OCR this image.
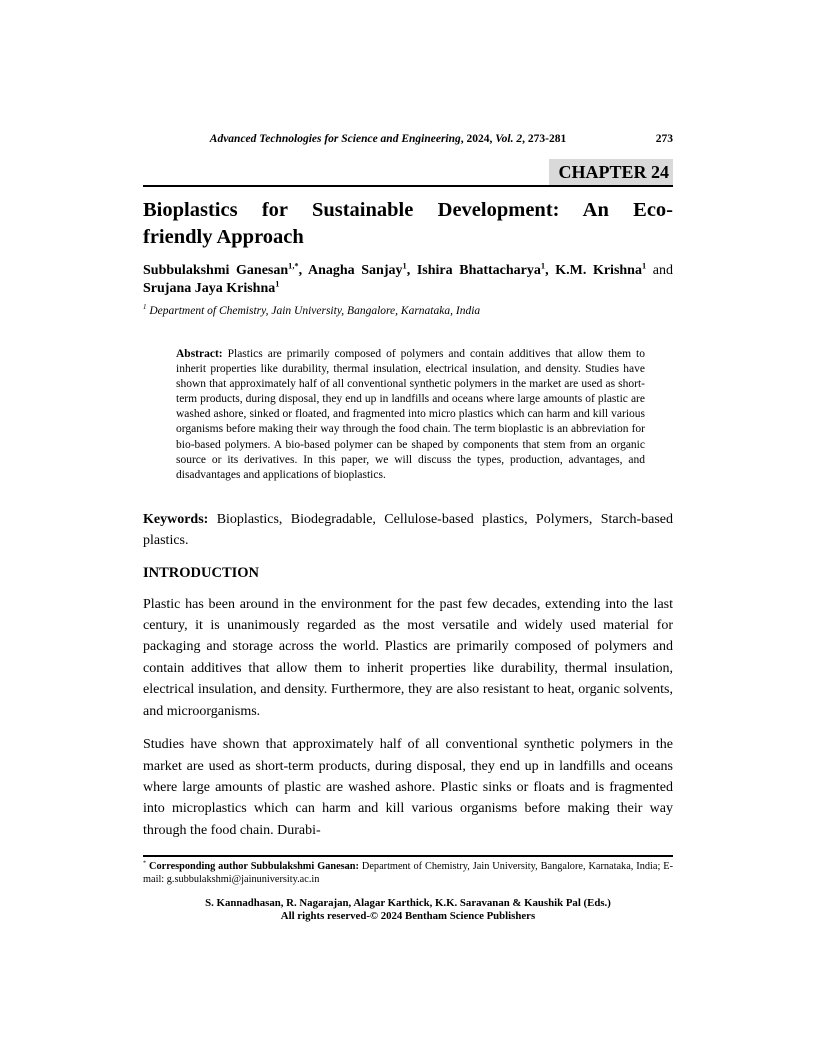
Advanced Technologies for Science and Engineering, 2024, Vol. 2, 273-281	273
CHAPTER 24
Bioplastics for Sustainable Development: An Eco-
friendly Approach
Subbulakshmi Ganesan$^{1,*}$, Anagha Sanjay$^1$, Ishira Bhattacharya$^1$, K.M. Krishna$^1$ and Srujana Jaya Krishna$^1$
$^1$ Department of Chemistry, Jain University, Bangalore, Karnataka, India
Abstract: Plastics are primarily composed of polymers and contain additives that allow them to inherit properties like durability, thermal insulation, electrical insulation, and density. Studies have shown that approximately half of all conventional synthetic polymers in the market are used as short-term products, during disposal, they end up in landfills and oceans where large amounts of plastic are washed ashore, sinked or floated, and fragmented into micro plastics which can harm and kill various organisms before making their way through the food chain. The term bioplastic is an abbreviation for bio-based polymers. A bio-based polymer can be shaped by components that stem from an organic source or its derivatives. In this paper, we will discuss the types, production, advantages, and disadvantages and applications of bioplastics.
Keywords: Bioplastics, Biodegradable, Cellulose-based plastics, Polymers, Starch-based plastics.
INTRODUCTION
Plastic has been around in the environment for the past few decades, extending into the last century, it is unanimously regarded as the most versatile and widely used material for packaging and storage across the world. Plastics are primarily composed of polymers and contain additives that allow them to inherit properties like durability, thermal insulation, electrical insulation, and density. Furthermore, they are also resistant to heat, organic solvents, and microorganisms.
Studies have shown that approximately half of all conventional synthetic polymers in the market are used as short-term products, during disposal, they end up in landfills and oceans where large amounts of plastic are washed ashore. Plastic sinks or floats and is fragmented into microplastics which can harm and kill various organisms before making their way through the food chain. Durabi-
* Corresponding author Subbulakshmi Ganesan: Department of Chemistry, Jain University, Bangalore, Karnataka, India; E-mail: g.subbulakshmi@jainuniversity.ac.in
S. Kannadhasan, R. Nagarajan, Alagar Karthick, K.K. Saravanan & Kaushik Pal (Eds.)
All rights reserved-© 2024 Bentham Science Publishers
